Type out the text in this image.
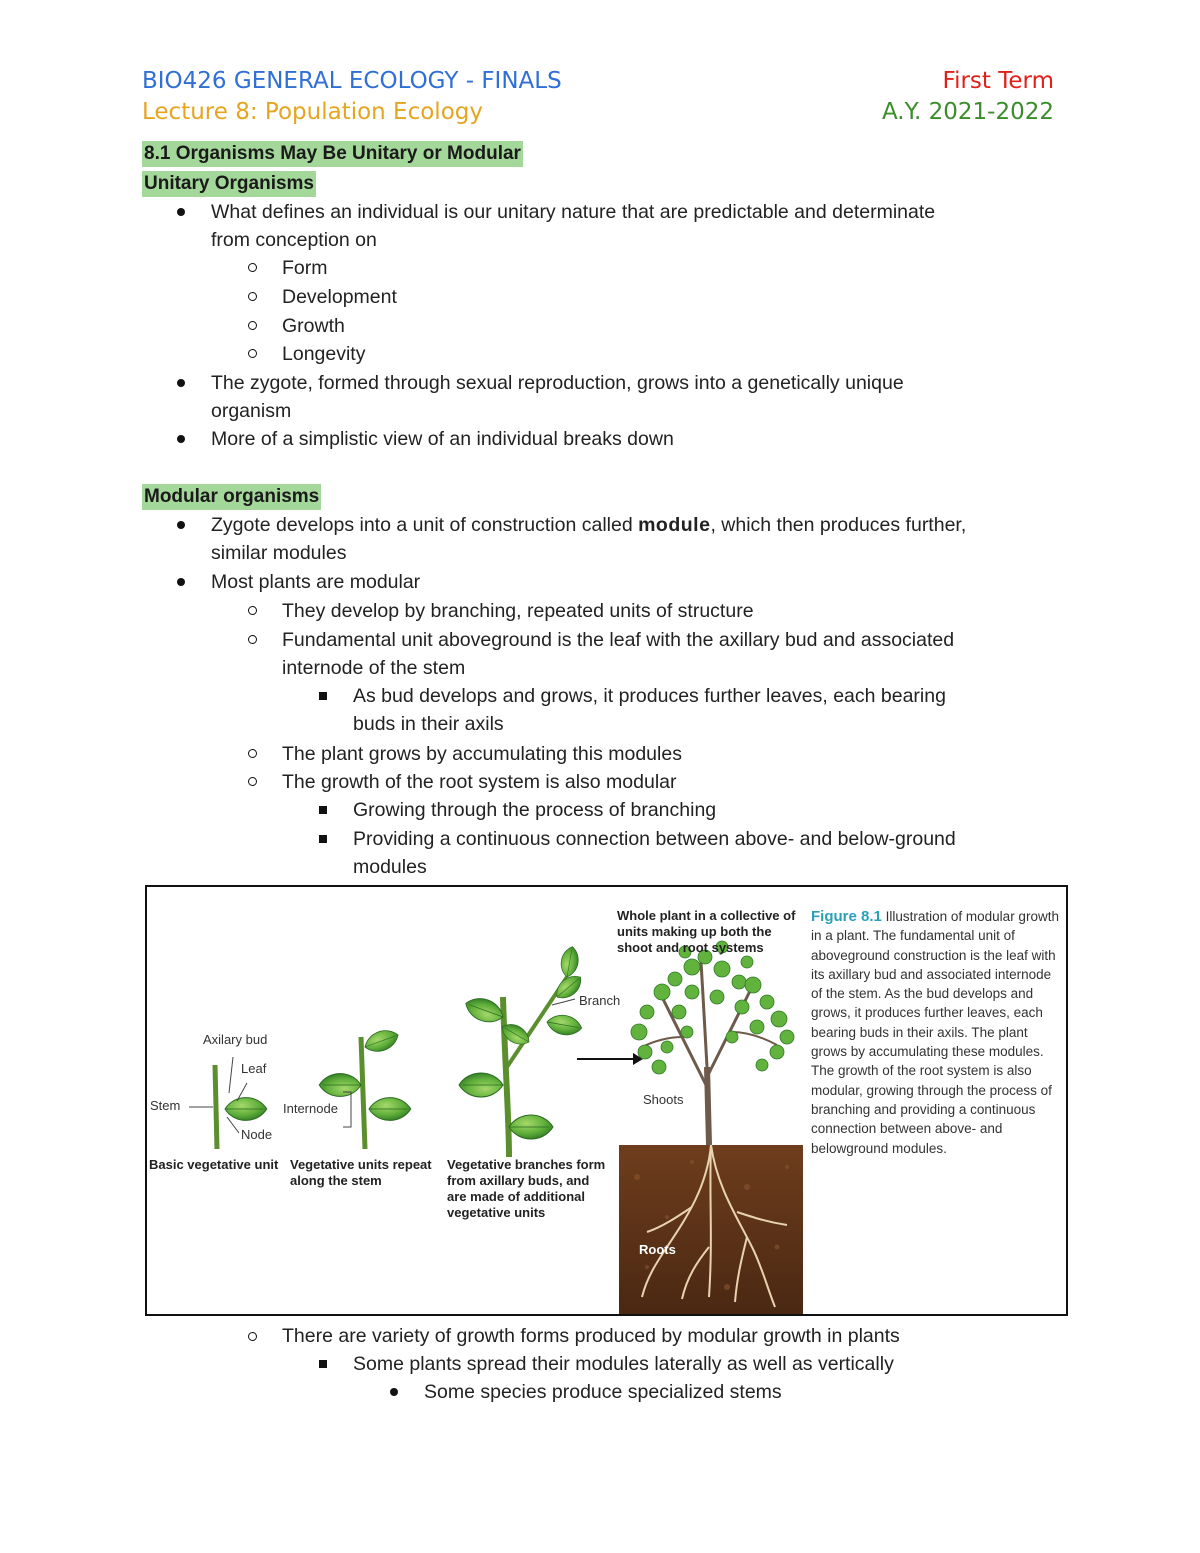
BIO426 GENERAL ECOLOGY - FINALS
Lecture 8: Population Ecology
First Term
A.Y. 2021-2022
8.1 Organisms May Be Unitary or Modular
Unitary Organisms
What defines an individual is our unitary nature that are predictable and determinate
from conception on
Form
Development
Growth
Longevity
The zygote, formed through sexual reproduction, grows into a genetically unique
organism
More of a simplistic view of an individual breaks down
Modular organisms
Zygote develops into a unit of construction called module, which then produces further,
similar modules
Most plants are modular
They develop by branching, repeated units of structure
Fundamental unit aboveground is the leaf with the axillary bud and associated
internode of the stem
As bud develops and grows, it produces further leaves, each bearing
buds in their axils
The plant grows by accumulating this modules
The growth of the root system is also modular
Growing through the process of branching
Providing a continuous connection between above- and below-ground
modules
Axilary bud
Leaf
Stem
Node
Internode
Branch
Shoots
Roots
Whole plant in a collective of units making up both the shoot and root systems
Basic vegetative unit Vegetative units repeat along the stem
Vegetative branches form from axillary buds, and are made of additional vegetative units
Figure 8.1 Illustration of modular growth in a plant. The fundamental unit of aboveground construction is the leaf with its axillary bud and associated internode of the stem. As the bud develops and grows, it produces further leaves, each bearing buds in their axils. The plant grows by accumulating these modules. The growth of the root system is also modular, growing through the process of branching and providing a continuous connection between above- and belowground modules.
There are variety of growth forms produced by modular growth in plants
Some plants spread their modules laterally as well as vertically
Some species produce specialized stems
